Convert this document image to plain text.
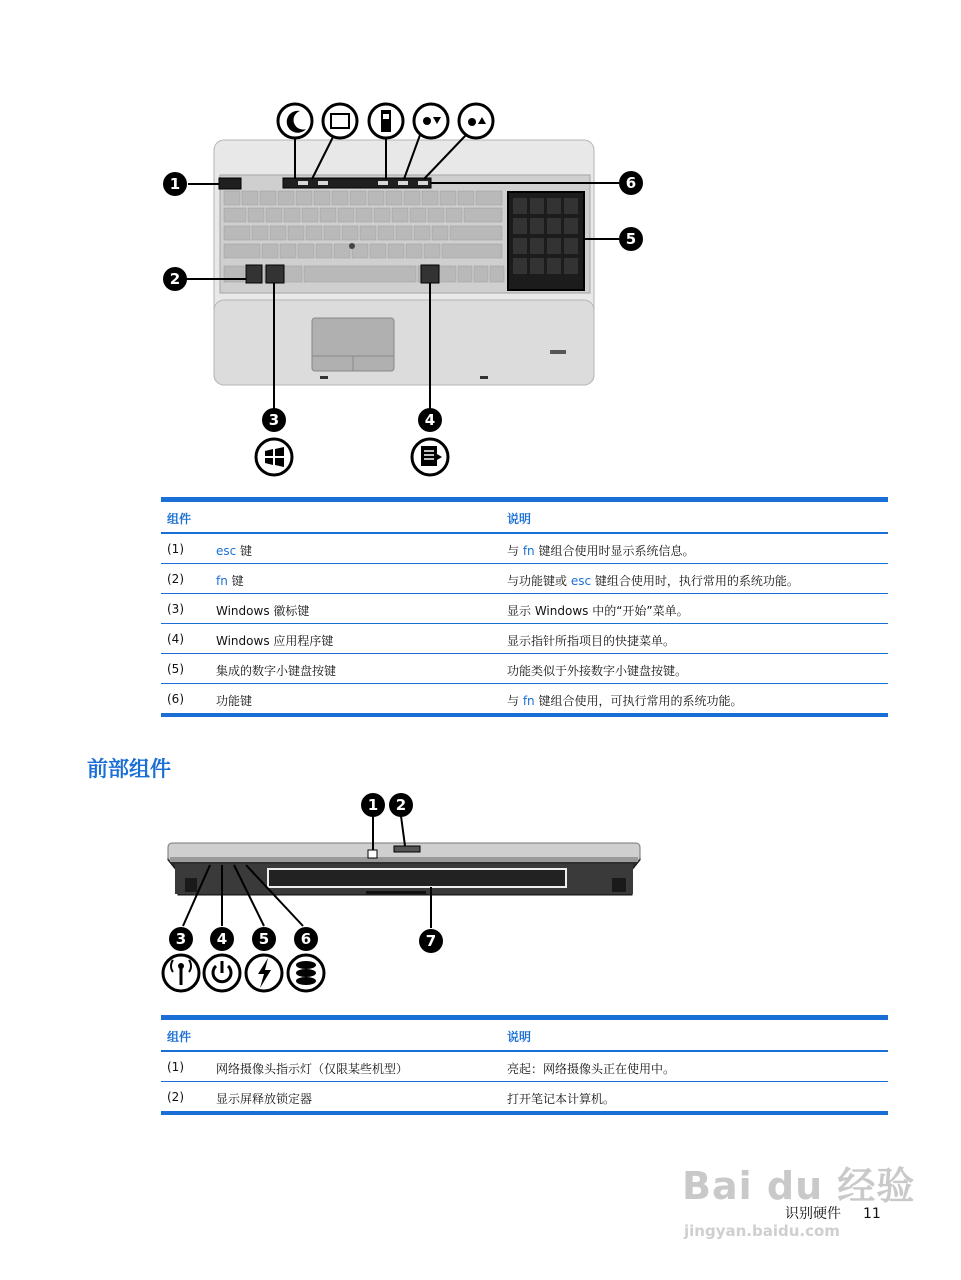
1
2
3	4
5
6
组件	说明
(1)	esc 键	与 fn 键组合使用时显示系统信息。
(2)	fn 键	与功能键或 esc 键组合使用时，执行常用的系统功能。
(3)	Windows 徽标键	显示 Windows 中的“开始”菜单。
(4)	Windows 应用程序键	显示指针所指项目的快捷菜单。
(5)	集成的数字小键盘按键	功能类似于外接数字小键盘按键。
(6)	功能键	与 fn 键组合使用，可执行常用的系统功能。
前部组件
1 2
3 4 5 6	7
组件	说明
(1)	网络摄像头指示灯（仅限某些机型）	亮起：网络摄像头正在使用中。
(2)	显示屏释放锁定器	打开笔记本计算机。
Bai du 经验
jingyan.baidu.com
识别硬件 11
